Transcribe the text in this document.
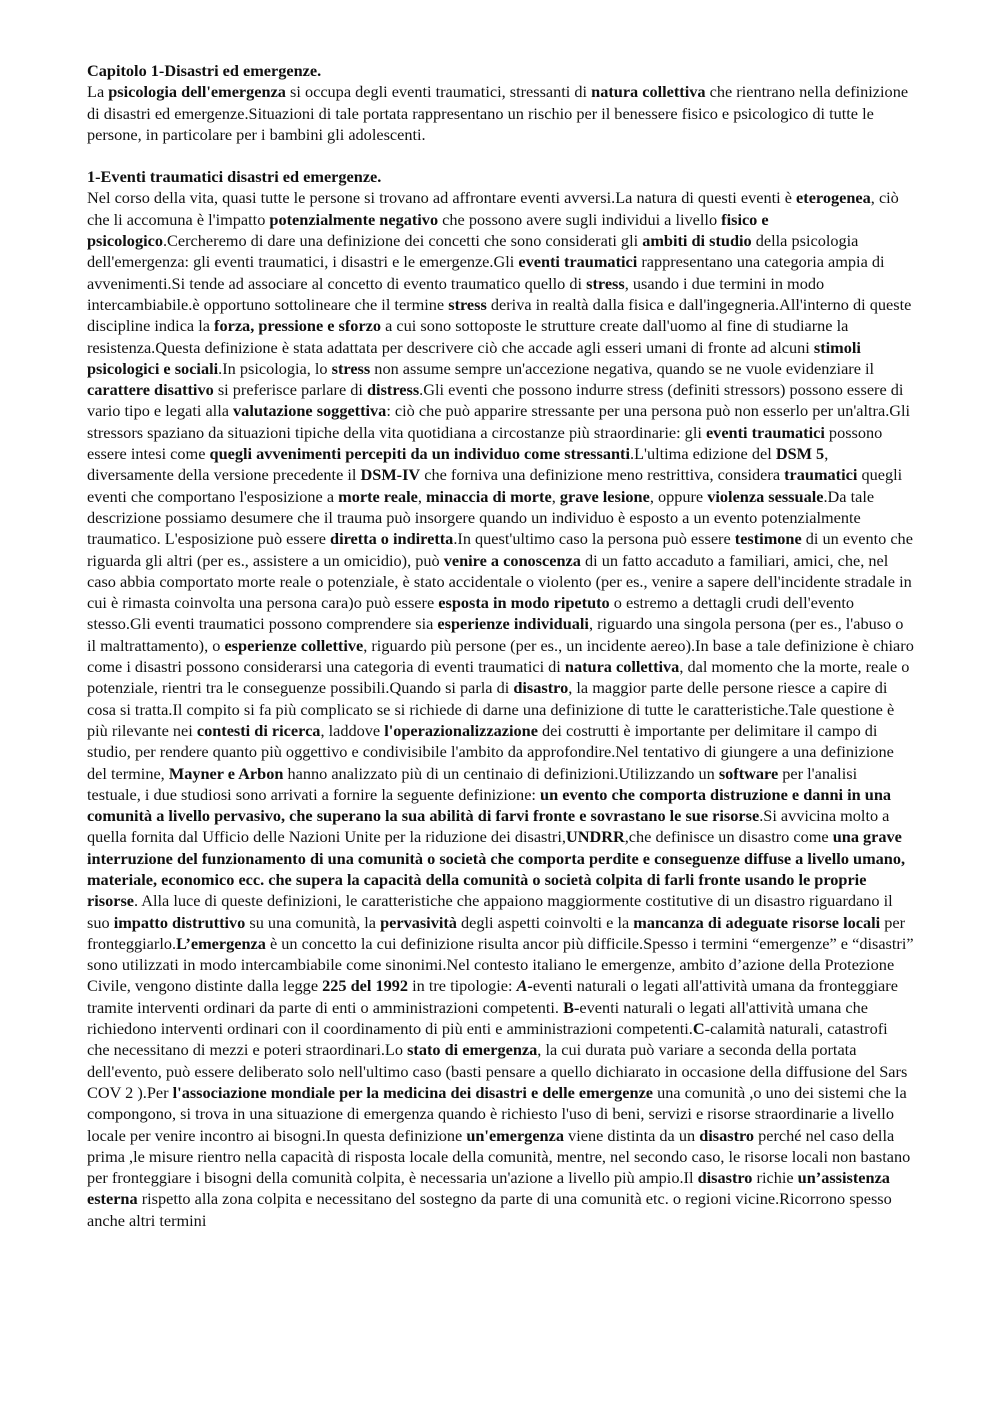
Capitolo 1-Disastri ed emergenze.

La psicologia dell'emergenza si occupa degli eventi traumatici, stressanti di natura collettiva che rientrano nella definizione di disastri ed emergenze.Situazioni di tale portata rappresentano un rischio per il benessere fisico e psicologico di tutte le persone, in particolare per i bambini gli adolescenti.

1-Eventi traumatici disastri ed emergenze.

Nel corso della vita, quasi tutte le persone si trovano ad affrontare eventi avversi.La natura di questi eventi è eterogenea, ciò che li accomuna è l'impatto potenzialmente negativo che possono avere sugli individui a livello fisico e psicologico.Cercheremo di dare una definizione dei concetti che sono considerati gli ambiti di studio della psicologia dell'emergenza: gli eventi traumatici, i disastri e le emergenze.Gli eventi traumatici rappresentano una categoria ampia di avvenimenti.Si tende ad associare al concetto di evento traumatico quello di stress, usando i due termini in modo intercambiabile.è opportuno sottolineare che il termine stress deriva in realtà dalla fisica e dall'ingegneria.All'interno di queste discipline indica la forza, pressione e sforzo a cui sono sottoposte le strutture create dall'uomo al fine di studiarne la resistenza.Questa definizione è stata adattata per descrivere ciò che accade agli esseri umani di fronte ad alcuni stimoli psicologici e sociali.In psicologia, lo stress non assume sempre un'accezione negativa, quando se ne vuole evidenziare il carattere disattivo si preferisce parlare di distress.Gli eventi che possono indurre stress (definiti stressors) possono essere di vario tipo e legati alla valutazione soggettiva: ciò che può apparire stressante per una persona può non esserlo per un'altra.Gli stressors spaziano da situazioni tipiche della vita quotidiana a circostanze più straordinarie: gli eventi traumatici possono essere intesi come quegli avvenimenti percepiti da un individuo come stressanti.L'ultima edizione del DSM 5, diversamente della versione precedente il DSM-IV che forniva una definizione meno restrittiva, considera traumatici quegli eventi che comportano l'esposizione a morte reale, minaccia di morte, grave lesione, oppure violenza sessuale.Da tale descrizione possiamo desumere che il trauma può insorgere quando un individuo è esposto a un evento potenzialmente traumatico. L'esposizione può essere diretta o indiretta.In quest'ultimo caso la persona può essere testimone di un evento che riguarda gli altri (per es., assistere a un omicidio), può venire a conoscenza di un fatto accaduto a familiari, amici, che, nel caso abbia comportato morte reale o potenziale, è stato accidentale o violento (per es., venire a sapere dell'incidente stradale in cui è rimasta coinvolta una persona cara)o può essere esposta in modo ripetuto o estremo a dettagli crudi dell'evento stesso.Gli eventi traumatici possono comprendere sia esperienze individuali, riguardo una singola persona (per es., l'abuso o il maltrattamento), o esperienze collettive, riguardo più persone (per es., un incidente aereo).In base a tale definizione è chiaro come i disastri possono considerarsi una categoria di eventi traumatici di natura collettiva, dal momento che la morte, reale o potenziale, rientri tra le conseguenze possibili.Quando si parla di disastro, la maggior parte delle persone riesce a capire di cosa si tratta.Il compito si fa più complicato se si richiede di darne una definizione di tutte le caratteristiche.Tale questione è più rilevante nei contesti di ricerca, laddove l'operazionalizzazione dei costrutti è importante per delimitare il campo di studio, per rendere quanto più oggettivo e condivisibile l'ambito da approfondire.Nel tentativo di giungere a una definizione del termine, Mayner e Arbon hanno analizzato più di un centinaio di definizioni.Utilizzando un software per l'analisi testuale, i due studiosi sono arrivati a fornire la seguente definizione: un evento che comporta distruzione e danni in una comunità a livello pervasivo, che superano la sua abilità di farvi fronte e sovrastano le sue risorse.Si avvicina molto a quella fornita dal Ufficio delle Nazioni Unite per la riduzione dei disastri,UNDRR,che definisce un disastro come una grave interruzione del funzionamento di una comunità o società che comporta perdite e conseguenze diffuse a livello umano, materiale, economico ecc. che supera la capacità della comunità o società colpita di farli fronte usando le proprie risorse. Alla luce di queste definizioni, le caratteristiche che appaiono maggiormente costitutive di un disastro riguardano il suo impatto distruttivo su una comunità, la pervasività degli aspetti coinvolti e la mancanza di adeguate risorse locali per fronteggiarlo.L’emergenza è un concetto la cui definizione risulta ancor più difficile.Spesso i termini “emergenze” e “disastri” sono utilizzati in modo intercambiabile come sinonimi.Nel contesto italiano le emergenze, ambito d’azione della Protezione Civile, vengono distinte dalla legge 225 del 1992 in tre tipologie: A-eventi naturali o legati all'attività umana da fronteggiare tramite interventi ordinari da parte di enti o amministrazioni competenti. B-eventi naturali o legati all'attività umana che richiedono interventi ordinari con il coordinamento di più enti e amministrazioni competenti.C-calamità naturali, catastrofi che necessitano di mezzi e poteri straordinari.Lo stato di emergenza, la cui durata può variare a seconda della portata dell'evento, può essere deliberato solo nell'ultimo caso (basti pensare a quello dichiarato in occasione della diffusione del Sars COV 2 ).Per l'associazione mondiale per la medicina dei disastri e delle emergenze una comunità ,o uno dei sistemi che la compongono, si trova in una situazione di emergenza quando è richiesto l'uso di beni, servizi e risorse straordinarie a livello locale per venire incontro ai bisogni.In questa definizione un'emergenza viene distinta da un disastro perché nel caso della prima ,le misure rientro nella capacità di risposta locale della comunità, mentre, nel secondo caso, le risorse locali non bastano per fronteggiare i bisogni della comunità colpita, è necessaria un'azione a livello più ampio.Il disastro richie un’assistenza esterna rispetto alla zona colpita e necessitano del sostegno da parte di una comunità etc. o regioni vicine.Ricorrono spesso anche altri termini
